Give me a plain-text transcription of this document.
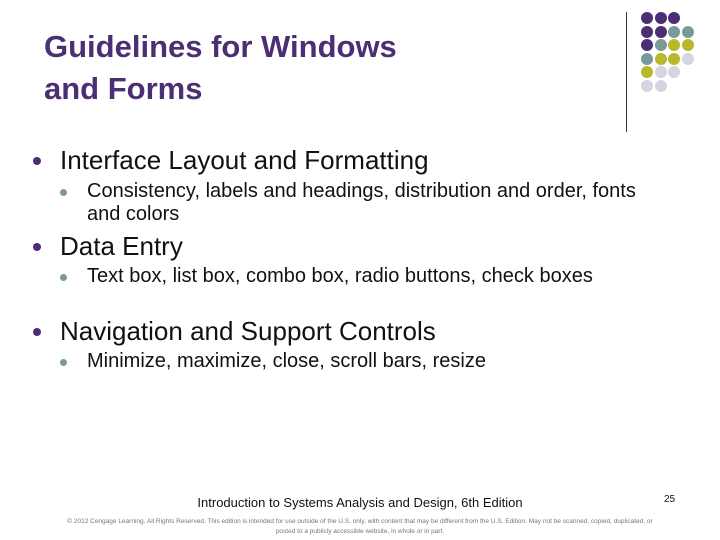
Guidelines for Windows
and Forms
Interface Layout and Formatting
Consistency, labels and headings, distribution and order, fonts and colors
Data Entry
Text box, list box, combo box, radio buttons, check boxes
Navigation and Support Controls
Minimize, maximize, close, scroll bars, resize
Introduction to Systems Analysis and Design, 6th Edition	25
© 2012 Cengage Learning. All Rights Reserved. This edition is intended for use outside of the U.S. only, with content that may be different from the U.S. Edition. May not be scanned, copied, duplicated, or posted to a publicly accessible website, in whole or in part.
